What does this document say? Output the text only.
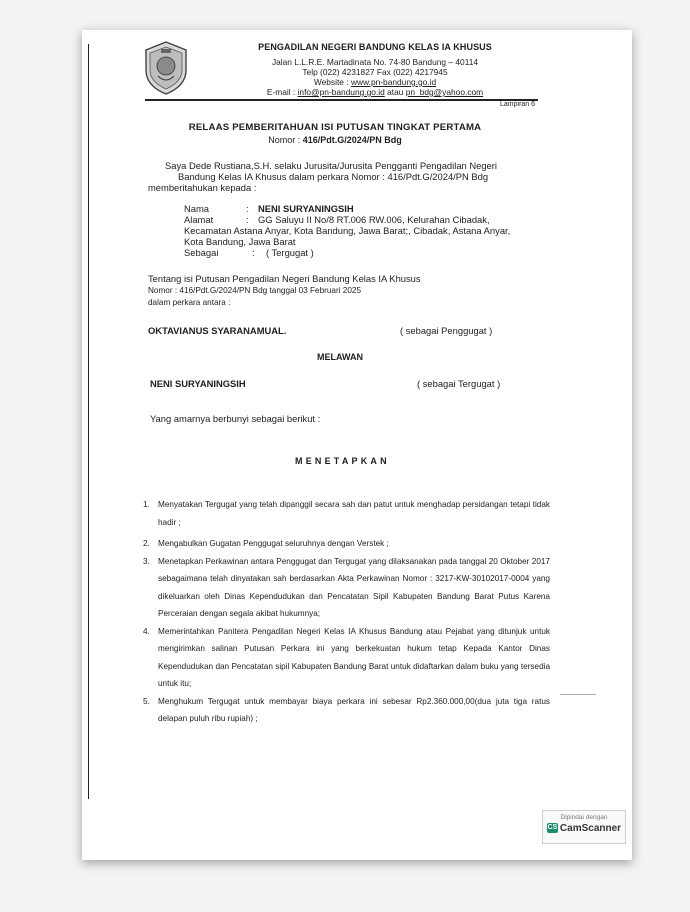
PENGADILAN NEGERI BANDUNG KELAS IA KHUSUS
Jalan L.L.R.E. Martadinata No. 74-80 Bandung – 40114
Telp (022) 4231827 Fax (022) 4217945
Website : www.pn-bandung.go.id
E-mail : info@pn-bandung.go.id atau pn_bdg@yahoo.com
Lampiran 6
RELAAS PEMBERITAHUAN ISI PUTUSAN TINGKAT PERTAMA
Nomor : 416/Pdt.G/2024/PN Bdg
Saya Dede Rustiana,S.H. selaku Jurusita/Jurusita Pengganti Pengadilan Negeri
Bandung Kelas IA Khusus dalam perkara Nomor : 416/Pdt.G/2024/PN Bdg
memberitahukan kepada :
Nama	: NENI SURYANINGSIH
Alamat	: GG Saluyu II No/8 RT.006 RW.006, Kelurahan Cibadak,
Kecamatan Astana Anyar, Kota Bandung, Jawa Barat;, Cibadak, Astana Anyar,
Kota Bandung, Jawa Barat
Sebagai	: ( Tergugat )
Tentang isi Putusan Pengadilan Negeri Bandung Kelas IA Khusus
Nomor : 416/Pdt.G/2024/PN Bdg tanggal 03 Februari 2025
dalam perkara antara :
OKTAVIANUS SYARANAMUAL.	( sebagai Penggugat )
MELAWAN
NENI SURYANINGSIH	( sebagai Tergugat )
Yang amarnya berbunyi sebagai berikut :
MENETAPKAN
1. Menyatakan Tergugat yang telah dipanggil secara sah dan patut untuk menghadap persidangan tetapi tidak hadir ;
2. Mengabulkan Gugatan Penggugat seluruhnya dengan Verstek ;
3. Menetapkan Perkawinan antara Penggugat dan Tergugat yang dilaksanakan pada tanggal 20 Oktober 2017 sebagaimana telah dinyatakan sah berdasarkan Akta Perkawinan Nomor : 3217-KW-30102017-0004 yang dikeluarkan oleh Dinas Kependudukan dan Pencatatan Sipil Kabupaten Bandung Barat Putus Karena Perceraian dengan segala akibat hukumnya;
4. Memerintahkan Panitera Pengadilan Negeri Kelas IA Khusus Bandung atau Pejabat yang ditunjuk untuk mengirimkan salinan Putusan Perkara ini yang berkekuatan hukum tetap Kepada Kantor Dinas Kependudukan dan Pencatatan sipil Kabupaten Bandung Barat untuk didaftarkan dalam buku yang tersedia untuk itu;
5. Menghukum Tergugat untuk membayar biaya perkara ini sebesar Rp2.360.000,00(dua juta tiga ratus delapan puluh ribu rupiah) ;
Dipindai dengan
CS CamScanner
